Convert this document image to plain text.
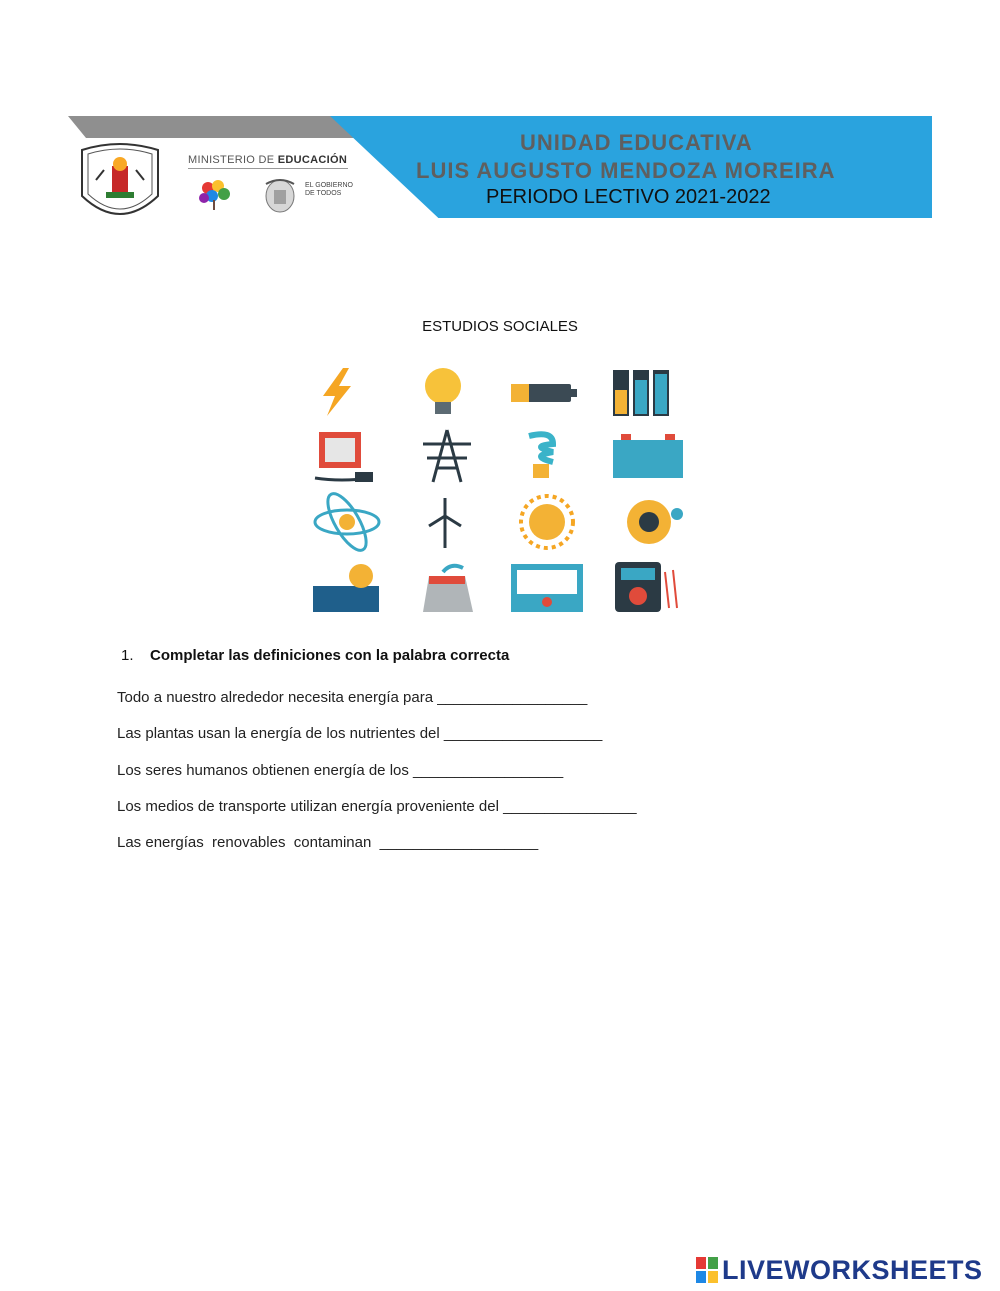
UNIDAD EDUCATIVA
LUIS AUGUSTO MENDOZA MOREIRA
PERIODO LECTIVO 2021-2022
MINISTERIO DE EDUCACIÓN
EL GOBIERNO DE TODOS
ESTUDIOS SOCIALES
1. Completar las definiciones con la palabra correcta
Todo a nuestro alrededor necesita energía para __________________
Las plantas usan la energía de los nutrientes del ___________________
Los seres humanos obtienen energía de los __________________
Los medios de transporte utilizan energía proveniente del ________________
Las energías  renovables  contaminan  ___________________
LIVEWORKSHEETS
